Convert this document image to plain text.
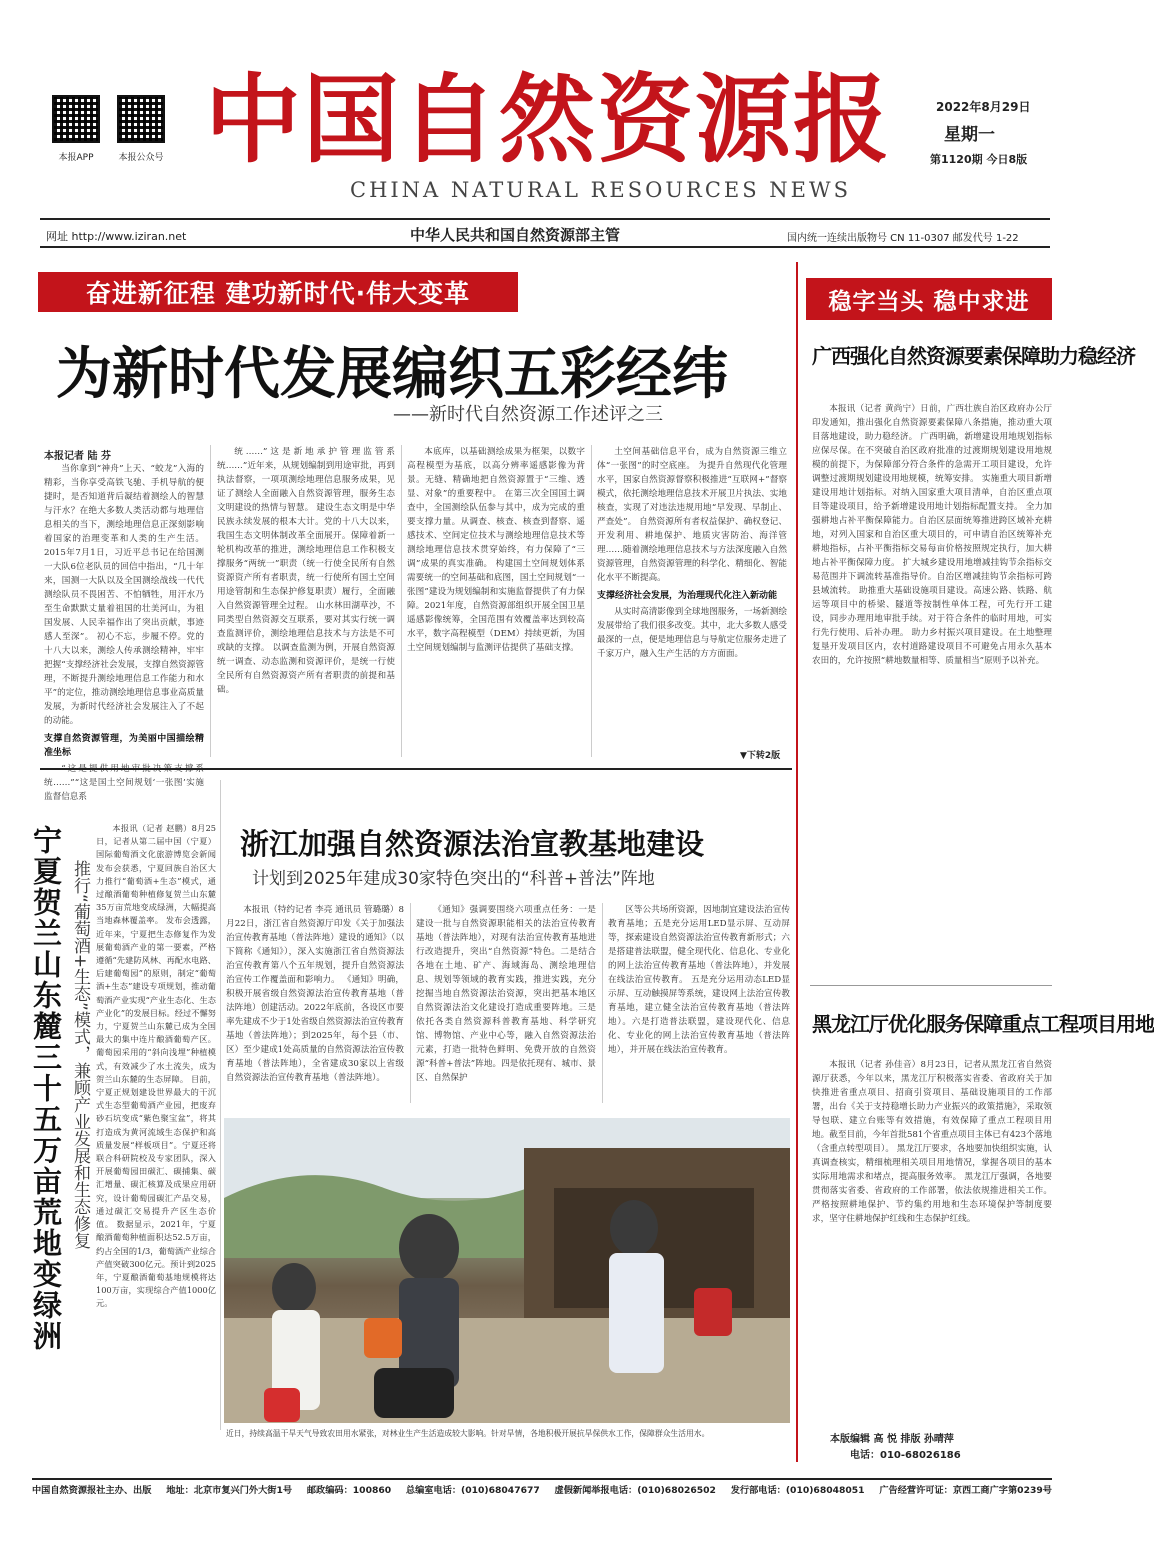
本报APP	本报公众号 中国自然资源报
CHINA NATURAL RESOURCES NEWS
2022年8月29日
星期一
第1120期 今日8版
网址 http://www.iziran.net	中华人民共和国自然资源部主管	国内统一连续出版物号 CN 11-0307 邮发代号 1-22
奋进新征程 建功新时代·伟大变革
为新时代发展编织五彩经纬
——新时代自然资源工作述评之三
本报记者 陆 芬

当你拿到“神舟”上天、“蛟龙”入海的精彩，当你享受高铁飞驰、手机导航的便捷时，是否知道背后凝结着测绘人的智慧与汗水？在绝大多数人类活动都与地理信息相关的当下，测绘地理信息正深刻影响着国家的治理变革和人类的生产生活。 2015年7月1日，习近平总书记在给国测一大队6位老队员的回信中指出，“几十年来，国测一大队以及全国测绘战线一代代测绘队员不畏困苦、不怕牺牲，用汗水乃至生命默默丈量着祖国的壮美河山，为祖国发展、人民幸福作出了突出贡献，事迹感人至深”。 初心不忘，步履不停。党的十八大以来，测绘人传承测绘精神，牢牢把握“支撑经济社会发展，支撑自然资源管理，不断提升测绘地理信息工作能力和水平”的定位，推动测绘地理信息事业高质量发展，为新时代经济社会发展注入了不起的动能。

支撑自然资源管理，为美丽中国描绘精准坐标

统……”“这是国土空间规划‘一张图’实施监督信息系

统……”这是新地承护管理监管系统……”近年来，从规划编制到用途审批，再到执法督察，一项项测绘地理信息服务成果，见证了测绘人全面融入自然资源管理，服务生态文明建设的热情与智慧。 建设生态文明是中华民族永续发展的根本大计。党的十八大以来，我国生态文明体制改革全面展开。保障着新一轮机构改革的推进，测绘地理信息工作积极支撑服务“两统一”职责（统一行使全民所有自然资源资产所有者职责，统一行使所有国土空间用途管制和生态保护修复职责）履行，全面融入自然资源管理全过程。 山水林田湖草沙，不同类型自然资源交互联系，要对其实行统一调查监测评价，测绘地理信息技术与方法是不可或缺的支撑。 以调查监测为例，开展自然资源统一调查、动态监测和资源评价，是统一行使全民所有自然资源资产所有者职责的前提和基础。

本底库，以基础测绘成果为框架，以数字高程模型为基底，以高分辨率遥感影像为背景。无缝、精确地把自然资源置于“三维、透显、对象”的重要程中。 在第三次全国国土调查中，全国测绘队伍参与其中，成为完成的重要支撑力量。从调查、核查、核查到督察、遥感技术、空间定位技术与测绘地理信息技术等测绘地理信息技术贯穿始终，有力保障了“三调”成果的真实准确。 构建国土空间规划体系需要统一的空间基础和底图，国土空间规划“一张图”建设为规划编制和实施监督提供了有力保障。2021年度，自然资源部组织开展全国卫星遥感影像统筹，全国范围有效覆盖率达到较高水平，数字高程模型（DEM）持续更新，为国土空间规划编制与监测评估提供了基础支撑。

土空间基础信息平台，成为自然资源三维立体“一张图”的时空底座。 为提升自然现代化管理水平，国家自然资源督察积极推进“互联网+”督察模式，依托测绘地理信息技术开展卫片执法、实地核查，实现了对违法违规用地“早发现、早制止、严查处”。 自然资源所有者权益保护、确权登记、开发利用、耕地保护、地质灾害防治、海洋管理……随着测绘地理信息技术与方法深度融入自然资源管理，自然资源管理的科学化、精细化、智能化水平不断提高。

支撑经济社会发展，为治理现代化注入新动能

从实时高清影像到全球地图服务，一场新测绘发展带给了我们很多改变。其中，北大多数人感受最深的一点，便是地理信息与导航定位服务走进了千家万户，融入生产生活的方方面面。

▼下转2版
宁夏贺兰山东麓三十五万亩荒地变绿洲 推行“葡萄酒+生态”模式，兼顾产业发展和生态修复

本报讯（记者 赵鹏）8月25日，记者从第二届中国（宁夏）国际葡萄酒文化旅游博览会新闻发布会获悉，宁夏回族自治区大力推行“葡萄酒+生态”模式，通过酿酒葡萄种植修复贺兰山东麓35万亩荒地变成绿洲，大幅提高当地森林覆盖率。 发布会透露，近年来，宁夏把生态修复作为发展葡萄酒产业的第一要素，严格遵循“先建防风林、再配水电路、后建葡萄园”的原则，制定“葡萄酒+生态”建设专项规划，推动葡萄酒产业实现“产业生态化、生态产业化”的发展目标。经过不懈努力，宁夏贺兰山东麓已成为全国最大的集中连片酿酒葡萄产区。葡萄园采用的“斜向浅埋”种植模式，有效减少了水土流失，成为贺兰山东麓的生态屏障。 目前，宁夏正规划建设世界最大的干沉式生态型葡萄酒产业园，把废弃砂石坑变成“紫色聚宝盆”，将其打造成为黄河流域生态保护和高质量发展“样板项目”。宁夏还将联合科研院校及专家团队，深入开展葡萄园田碳汇、碳捕集、碳汇增量、碳汇核算及成果应用研究，设计葡萄园碳汇产品交易，通过碳汇交易提升产区生态价值。 数据显示，2021年，宁夏酿酒葡萄种植面积达52.5万亩，约占全国的1/3，葡萄酒产业综合产值突破300亿元。预计到2025年，宁夏酿酒葡萄基地规模将达100万亩，实现综合产值1000亿元。

浙江加强自然资源法治宣教基地建设
计划到2025年建成30家特色突出的“科普+普法”阵地

本报讯（特约记者 李亮 通讯员 管璐璐）8月22日，浙江省自然资源厅印发《关于加强法治宣传教育基地（普法阵地）建设的通知》（以下简称《通知》），深入实施浙江省自然资源法治宣传教育第八个五年规划，提升自然资源法治宣传工作覆盖面和影响力。 《通知》明确，积极开展省级自然资源法治宣传教育基地（普法阵地）创建活动。2022年底前，各设区市要率先建成不少于1处省级自然资源法治宣传教育基地（普法阵地）；到2025年，每个县（市、区）至少建成1处高质量的自然资源法治宣传教育基地（普法阵地），全省建成30家以上省级自然资源法治宣传教育基地（普法阵地）。

《通知》强调要围绕六项重点任务：一是建设一批与自然资源职能相关的法治宣传教育基地（普法阵地），对现有法治宣传教育基地进行改造提升，突出“自然资源”特色。二是结合各地在土地、矿产、海域海岛、测绘地理信息、规划等领域的教育实践，推进实践，充分挖掘当地自然资源法治资源，突出把基本地区自然资源法治文化建设打造成重要阵地。三是依托各类自然资源科普教育基地、科学研究馆、博物馆、产业中心等，融入自然资源法治元素，打造一批特色鲜明、免费开放的自然资源“科普+普法”阵地。四是依托现有、城市、景区、自然保护

区等公共场所资源，因地制宜建设法治宣传教育基地；五是充分运用LED显示屏、互动屏等，探索建设自然资源法治宣传教育新形式；六是搭建普法联盟，健全现代化、信息化、专业化的网上法治宣传教育基地（普法阵地），并发展在线法治宣传教育。 五是充分运用动态LED显示屏、互动触摸屏等系统，建设网上法治宣传教育基地，建立健全法治宣传教育基地（普法阵地）。六是打造普法联盟，建设现代化、信息化、专业化的网上法治宣传教育基地（普法阵地），并开展在线法治宣传教育。

近日，持续高温干旱天气导致农田用水紧张，对林业生产生活造成较大影响。针对旱情，各地积极开展抗旱保供水工作，保障群众生活用水。

稳字当头 稳中求进
广西强化自然资源要素保障助力稳经济

本报讯（记者 黄尚宁）日前，广西壮族自治区政府办公厅印发通知，推出强化自然资源要素保障八条措施，推动重大项目落地建设，助力稳经济。 广西明确，新增建设用地规划指标应保尽保。在不突破自治区政府批准的过渡期规划建设用地规模的前提下，为保障部分符合条件的急需开工项目建设，允许调整过渡期规划建设用地规模，统筹安排。 实施重大项目新增建设用地计划指标。对纳入国家重大项目清单，自治区重点项目等建设项目，给予新增建设用地计划指标配置支持。 全力加强耕地占补平衡保障能力。自治区层面统筹推进跨区域补充耕地，对列入国家和自治区重大项目的，可申请自治区统筹补充耕地指标，占补平衡指标交易每亩价格按照规定执行，加大耕地占补平衡保障力度。 扩大城乡建设用地增减挂钩节余指标交易范围并下调流转基准指导价。自治区增减挂钩节余指标可跨县域流转。 助推重大基础设施项目建设。高速公路、铁路、航运等项目中的桥梁、隧道等按制性单体工程，可先行开工建设，同步办理用地审批手续。对于符合条件的临时用地，可实行先行使用、后补办理。 助力乡村振兴项目建设。在土地整理复垦开发项目区内，农村道路建设项目不可避免占用永久基本农田的，允许按照“耕地数量相等、质量相当”原则予以补充。

黑龙江厅优化服务保障重点工程项目用地

本报讯（记者 孙佳音）8月23日，记者从黑龙江省自然资源厅获悉，今年以来，黑龙江厅积极落实省委、省政府关于加快推进省重点项目、招商引资项目、基础设施项目的工作部署，出台《关于支持稳增长助力产业振兴的政策措施》，采取领导包联、建立台账等有效措施，有效保障了重点工程项目用地。截至目前，今年首批581个省重点项目主体已有423个落地（含重点转型项目）。 黑龙江厅要求，各地要加快组织实施，认真调查核实，精细梳理相关项目用地情况，掌握各项目的基本实际用地需求和堵点，提高服务效率。 黑龙江厅强调，各地要贯彻落实省委、省政府的工作部署，依法依规推进相关工作。严格按照耕地保护、节约集约用地和生态环境保护等制度要求，坚守住耕地保护红线和生态保护红线。

本版编辑 高 悦 排版 孙晴萍
电话：010-68026186
中国自然资源报社主办、出版 地址：北京市复兴门外大街1号 邮政编码：100860 总编室电话：(010)68047677 虚假新闻举报电话：(010)68026502 发行部电话：(010)68048051 广告经营许可证：京西工商广字第0239号
